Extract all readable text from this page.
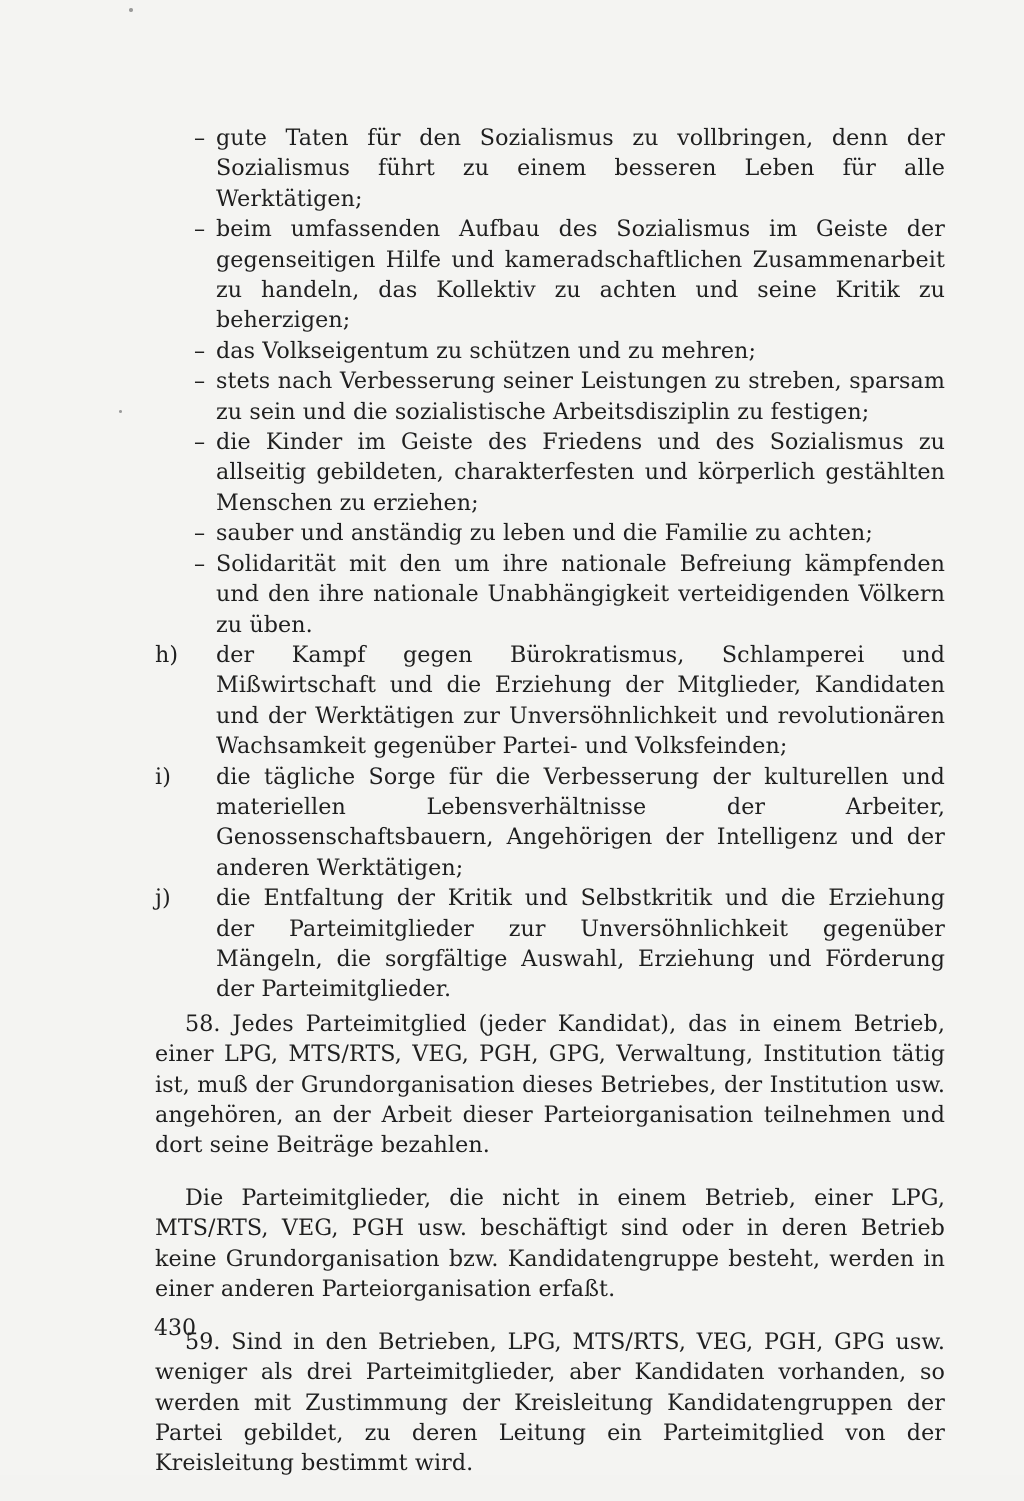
– gute Taten für den Sozialismus zu vollbringen, denn der Sozialismus führt zu einem besseren Leben für alle Werktätigen;
– beim umfassenden Aufbau des Sozialismus im Geiste der gegenseitigen Hilfe und kameradschaftlichen Zusammenarbeit zu handeln, das Kollektiv zu achten und seine Kritik zu beherzigen;
– das Volkseigentum zu schützen und zu mehren;
– stets nach Verbesserung seiner Leistungen zu streben, sparsam zu sein und die sozialistische Arbeitsdisziplin zu festigen;
– die Kinder im Geiste des Friedens und des Sozialismus zu allseitig gebildeten, charakterfesten und körperlich gestählten Menschen zu erziehen;
– sauber und anständig zu leben und die Familie zu achten;
– Solidarität mit den um ihre nationale Befreiung kämpfenden und den ihre nationale Unabhängigkeit verteidigenden Völkern zu üben.
h)	der Kampf gegen Bürokratismus, Schlamperei und Mißwirtschaft und die Erziehung der Mitglieder, Kandidaten und der Werktätigen zur Unversöhnlichkeit und revolutionären Wachsamkeit gegenüber Partei- und Volksfeinden;
i)	die tägliche Sorge für die Verbesserung der kulturellen und materiellen Lebensverhältnisse der Arbeiter, Genossenschaftsbauern, Angehörigen der Intelligenz und der anderen Werktätigen;
j)	die Entfaltung der Kritik und Selbstkritik und die Erziehung der Parteimitglieder zur Unversöhnlichkeit gegenüber Mängeln, die sorgfältige Auswahl, Erziehung und Förderung der Parteimitglieder.

58. Jedes Parteimitglied (jeder Kandidat), das in einem Betrieb, einer LPG, MTS/RTS, VEG, PGH, GPG, Verwaltung, Institution tätig ist, muß der Grundorganisation dieses Betriebes, der Institution usw. angehören, an der Arbeit dieser Parteiorganisation teilnehmen und dort seine Beiträge bezahlen.

Die Parteimitglieder, die nicht in einem Betrieb, einer LPG, MTS/RTS, VEG, PGH usw. beschäftigt sind oder in deren Betrieb keine Grundorganisation bzw. Kandidatengruppe besteht, werden in einer anderen Parteiorganisation erfaßt.

59. Sind in den Betrieben, LPG, MTS/RTS, VEG, PGH, GPG usw. weniger als drei Parteimitglieder, aber Kandidaten vorhanden, so werden mit Zustimmung der Kreisleitung Kandidatengruppen der Partei gebildet, zu deren Leitung ein Parteimitglied von der Kreisleitung bestimmt wird.

430
